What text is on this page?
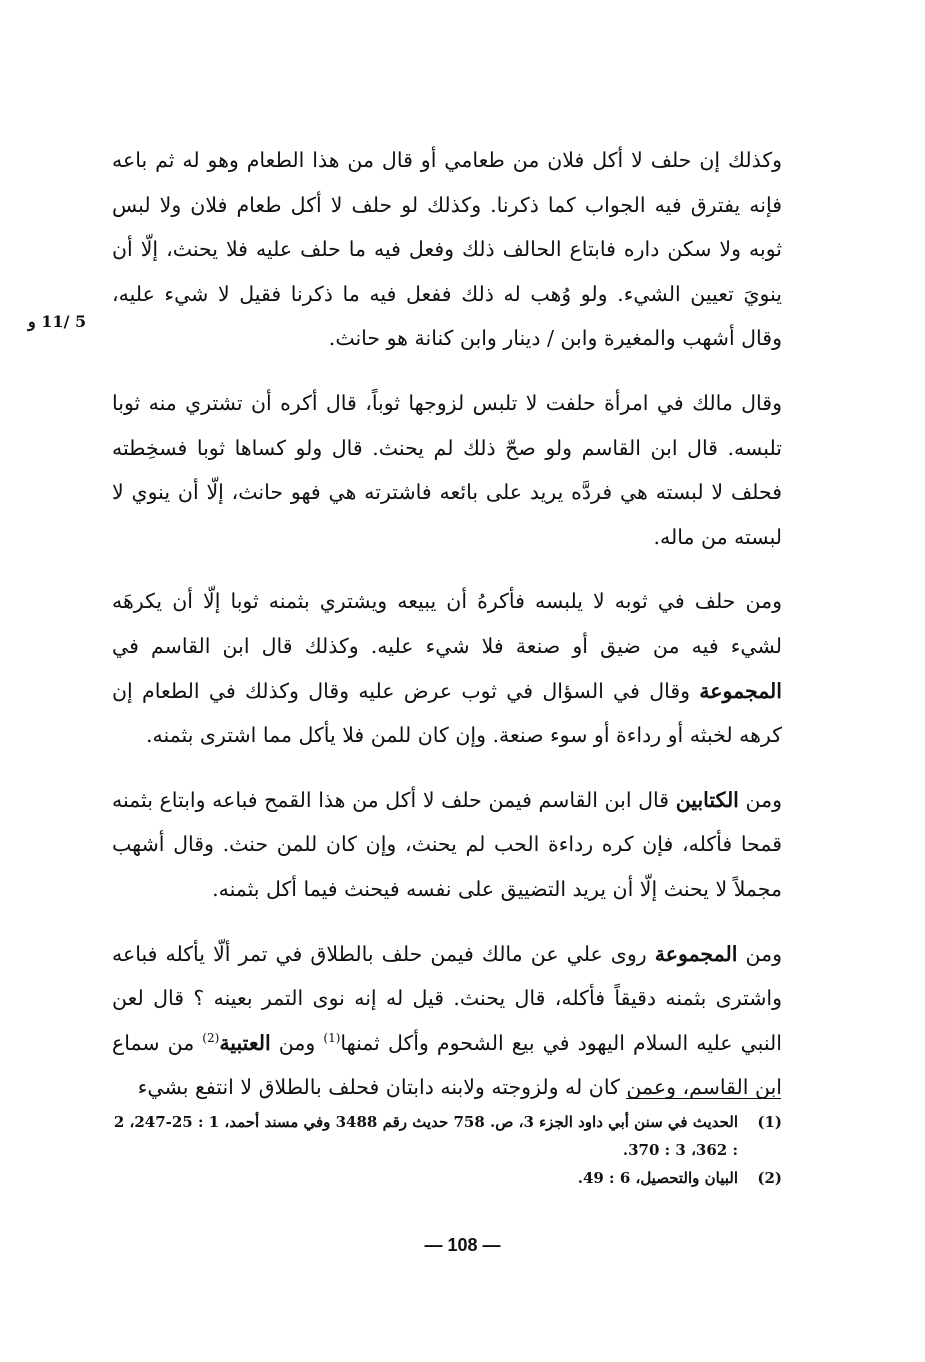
5 /11 و

وكذلك إن حلف لا أكل فلان من طعامي أو قال من هذا الطعام وهو له ثم باعه فإنه يفترق فيه الجواب كما ذكرنا. وكذلك لو حلف لا أكل طعام فلان ولا لبس ثوبه ولا سكن داره فابتاع الحالف ذلك وفعل فيه ما حلف عليه فلا يحنث، إلّا أن ينويَ تعيين الشيء. ولو وُهب له ذلك ففعل فيه ما ذكرنا فقيل لا شيء عليه، وقال أشهب والمغيرة وابن / دينار وابن كنانة هو حانث.

وقال مالك في امرأة حلفت لا تلبس لزوجها ثوباً، قال أكره أن تشتري منه ثوبا تلبسه. قال ابن القاسم ولو صحّ ذلك لم يحنث. قال ولو كساها ثوبا فسخِطته فحلف لا لبسته هي فردَّه يريد على بائعه فاشترته هي فهو حانث، إلّا أن ينوي لا لبسته من ماله.

ومن حلف في ثوبه لا يلبسه فأكرهُ أن يبيعه ويشتري بثمنه ثوبا إلّا أن يكرهَه لشيء فيه من ضيق أو صنعة فلا شيء عليه. وكذلك قال ابن القاسم في المجموعة وقال في السؤال في ثوب عرض عليه وقال وكذلك في الطعام إن كرهه لخبثه أو رداءة أو سوء صنعة. وإن كان للمن فلا يأكل مما اشترى بثمنه.

ومن الكتابين قال ابن القاسم فيمن حلف لا أكل من هذا القمح فباعه وابتاع بثمنه قمحا فأكله، فإن كره رداءة الحب لم يحنث، وإن كان للمن حنث. وقال أشهب مجملاً لا يحنث إلّا أن يريد التضييق على نفسه فيحنث فيما أكل بثمنه.

ومن المجموعة روى علي عن مالك فيمن حلف بالطلاق في تمر ألّا يأكله فباعه واشترى بثمنه دقيقاً فأكله، قال يحنث. قيل له إنه نوى التمر بعينه ؟ قال لعن النبي عليه السلام اليهود في بيع الشحوم وأكل ثمنها$^{(1)}$ ومن العتبية$^{(2)}$ من سماع ابن القاسم، وعمن كان له ولزوجته ولابنه دابتان فحلف بالطلاق لا انتفع بشيء

(1)
الحديث في سنن أبي داود الجزء 3، ص. 758 حديث رقم 3488 وفي مسند أحمد، 1 : 25-247، 2 : 362، 3 : 370.
(2)
البيان والتحصيل، 6 : 49.
— 108 —
